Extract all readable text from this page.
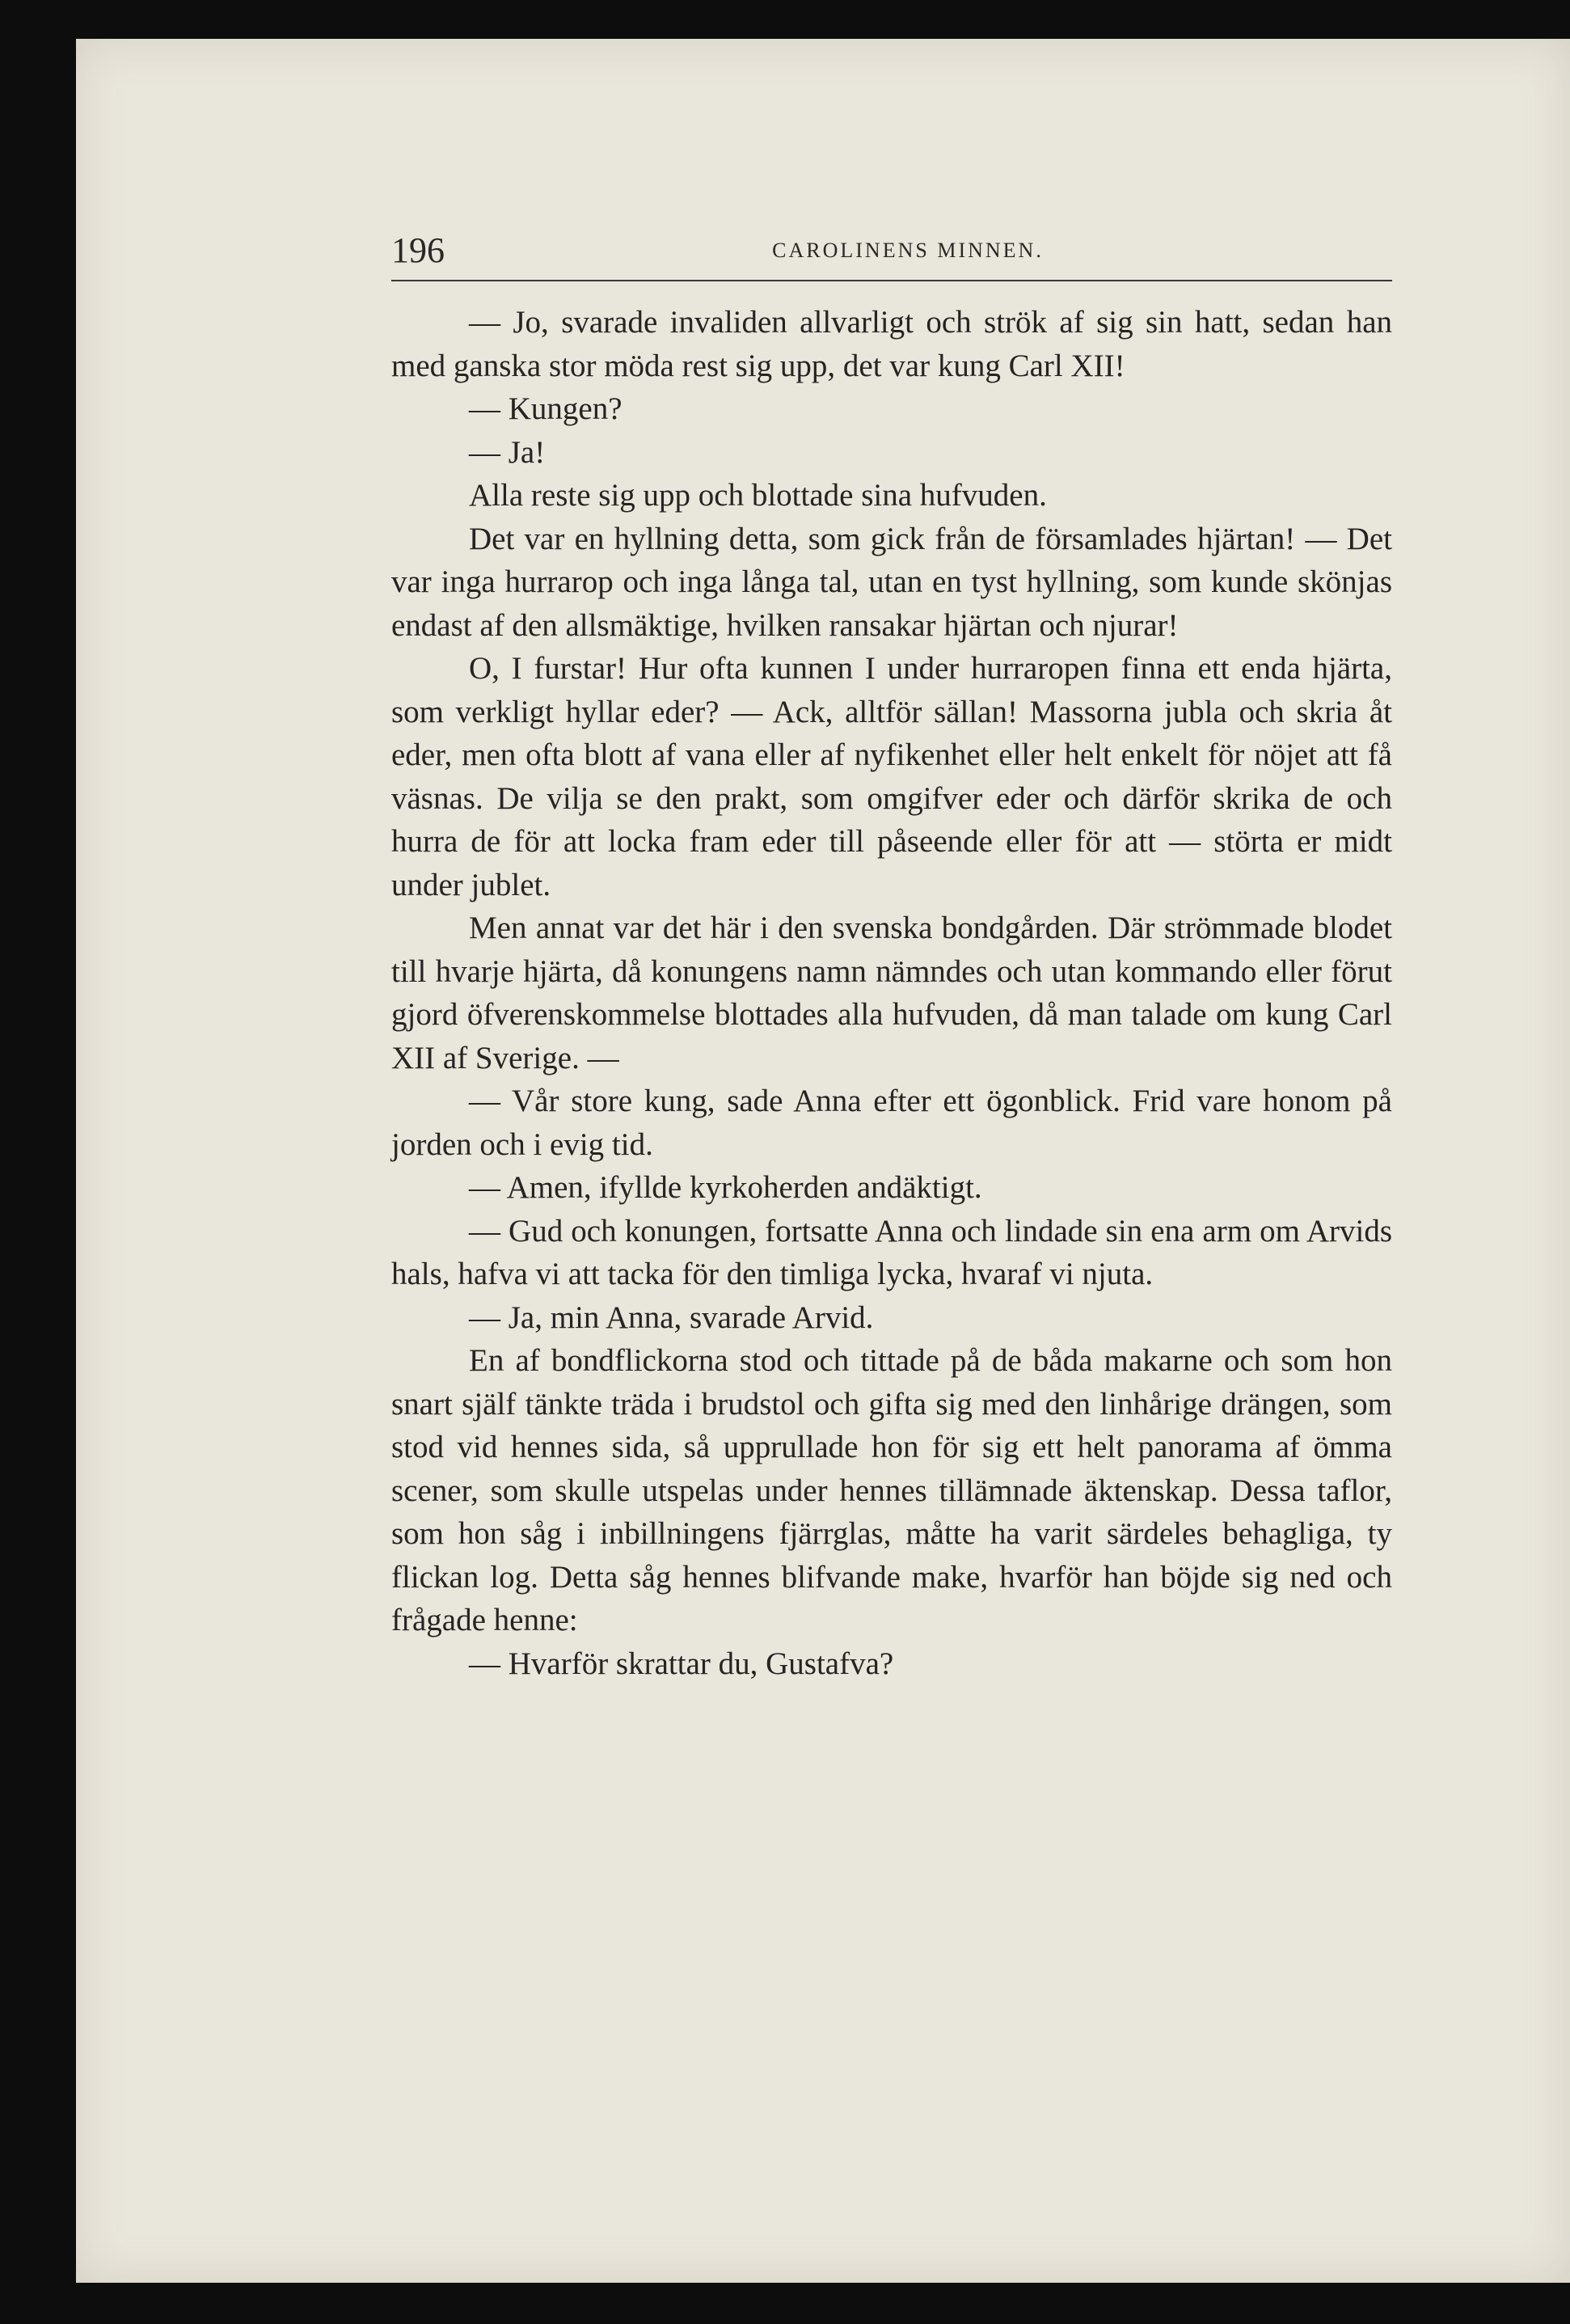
196	CAROLINENS MINNEN.

— Jo, svarade invaliden allvarligt och strök af sig sin hatt, sedan han med ganska stor möda rest sig upp, det var kung Carl XII!

— Kungen?

— Ja!

Alla reste sig upp och blottade sina hufvuden.

Det var en hyllning detta, som gick från de församlades hjärtan! — Det var inga hurrarop och inga långa tal, utan en tyst hyllning, som kunde skönjas endast af den allsmäktige, hvilken ransakar hjärtan och njurar!

O, I furstar! Hur ofta kunnen I under hurraropen finna ett enda hjärta, som verkligt hyllar eder? — Ack, alltför sällan! Massorna jubla och skria åt eder, men ofta blott af vana eller af nyfikenhet eller helt enkelt för nöjet att få väsnas. De vilja se den prakt, som omgifver eder och därför skrika de och hurra de för att locka fram eder till påseende eller för att — störta er midt under jublet.

Men annat var det här i den svenska bondgården. Där strömmade blodet till hvarje hjärta, då konungens namn nämndes och utan kommando eller förut gjord öfverenskommelse blottades alla hufvuden, då man talade om kung Carl XII af Sverige. —

— Vår store kung, sade Anna efter ett ögonblick. Frid vare honom på jorden och i evig tid.

— Amen, ifyllde kyrkoherden andäktigt.

— Gud och konungen, fortsatte Anna och lindade sin ena arm om Arvids hals, hafva vi att tacka för den timliga lycka, hvaraf vi njuta.

— Ja, min Anna, svarade Arvid.

En af bondflickorna stod och tittade på de båda makarne och som hon snart själf tänkte träda i brudstol och gifta sig med den linhårige drängen, som stod vid hennes sida, så upprullade hon för sig ett helt panorama af ömma scener, som skulle utspelas under hennes tillämnade äktenskap. Dessa taflor, som hon såg i inbillningens fjärrglas, måtte ha varit särdeles behagliga, ty flickan log. Detta såg hennes blifvande make, hvarför han böjde sig ned och frågade henne:

— Hvarför skrattar du, Gustafva?
